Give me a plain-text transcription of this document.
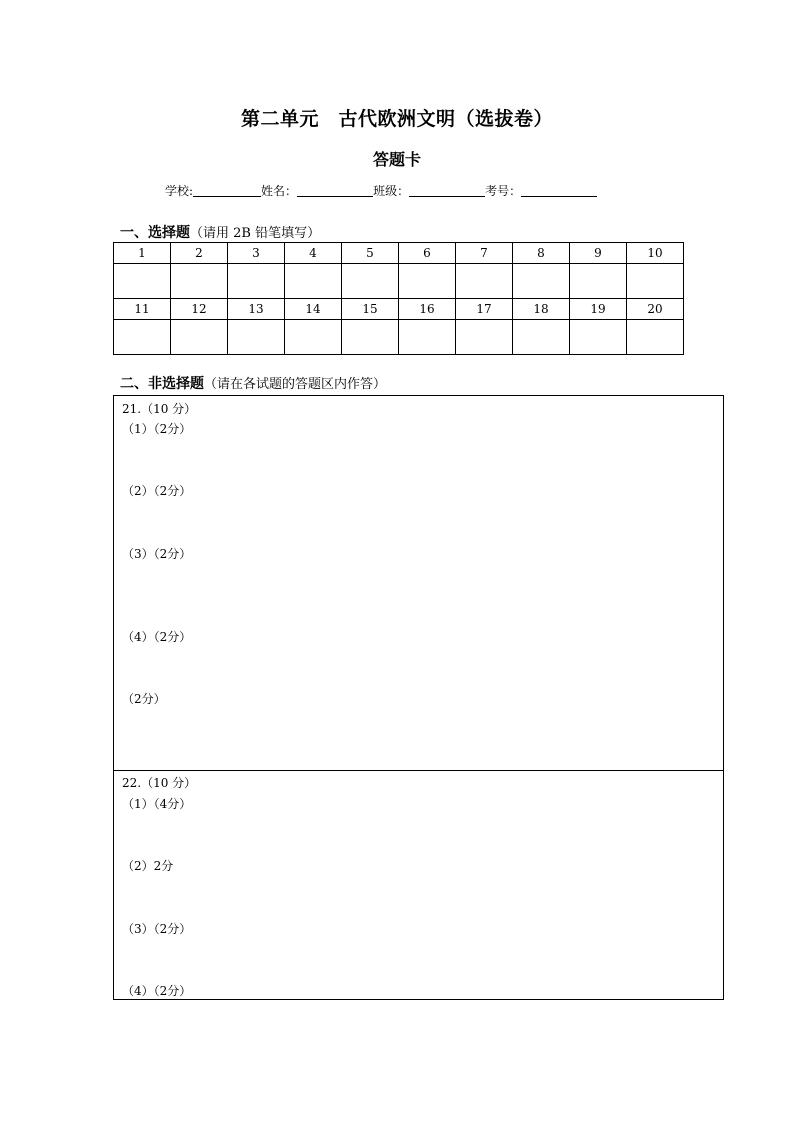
第二单元　古代欧洲文明（选拔卷）
答题卡
学校:	姓名：	班级：	考号：
一、选择题（请用 2B 铅笔填写）
1	2	3	4	5	6	7	8	9	10

11	12	13	14	15	16	17	18	19	20

二、非选择题（请在各试题的答题区内作答）
21.（10 分）
（1）（2分）
（2）（2分）
（3）（2分）
（4）（2分）
（2分）
22.（10 分）
（1）（4分）
（2）2分
（3）（2分）
（4）（2分）
